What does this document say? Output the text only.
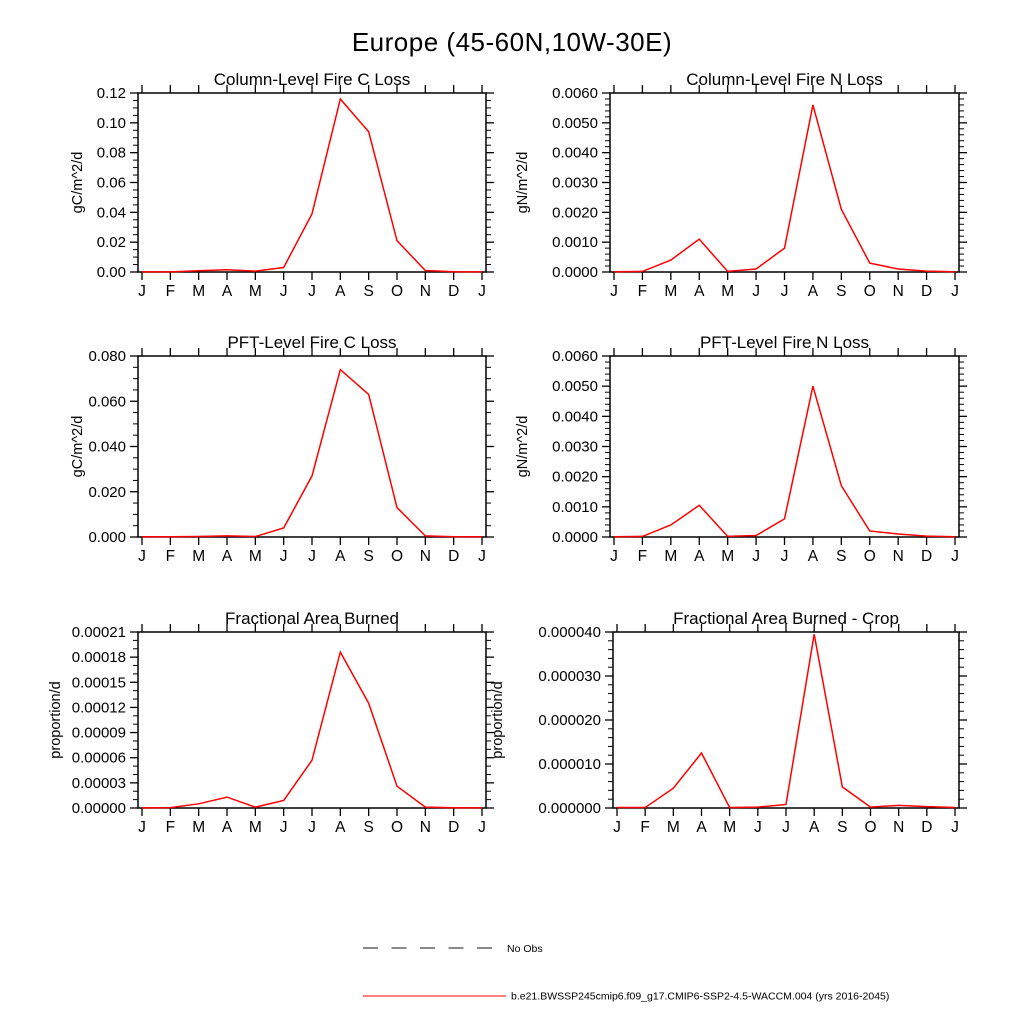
Europe (45-60N,10W-30E)
Column-Level Fire C Loss
gC/m^2/d
0.00
0.02
0.04
0.06
0.08
0.10
0.12
J F M A M J J A S O N D J
Column-Level Fire N Loss
gN/m^2/d
0.0000
0.0010
0.0020
0.0030
0.0040
0.0050
0.0060
J F M A M J J A S O N D J
PFT-Level Fire C Loss
gC/m^2/d
0.000
0.020
0.040
0.060
0.080
J F M A M J J A S O N D J
PFT-Level Fire N Loss
gN/m^2/d
0.0000
0.0010
0.0020
0.0030
0.0040
0.0050
0.0060
J F M A M J J A S O N D J
Fractional Area Burned
proportion/d
0.00000
0.00003
0.00006
0.00009
0.00012
0.00015
0.00018
0.00021
J F M A M J J A S O N D J
Fractional Area Burned - Crop
proportion/d
0.000000
0.000010
0.000020
0.000030
0.000040
J F M A M J J A S O N D J
No Obs
b.e21.BWSSP245cmip6.f09_g17.CMIP6-SSP2-4.5-WACCM.004 (yrs 2016-2045)
